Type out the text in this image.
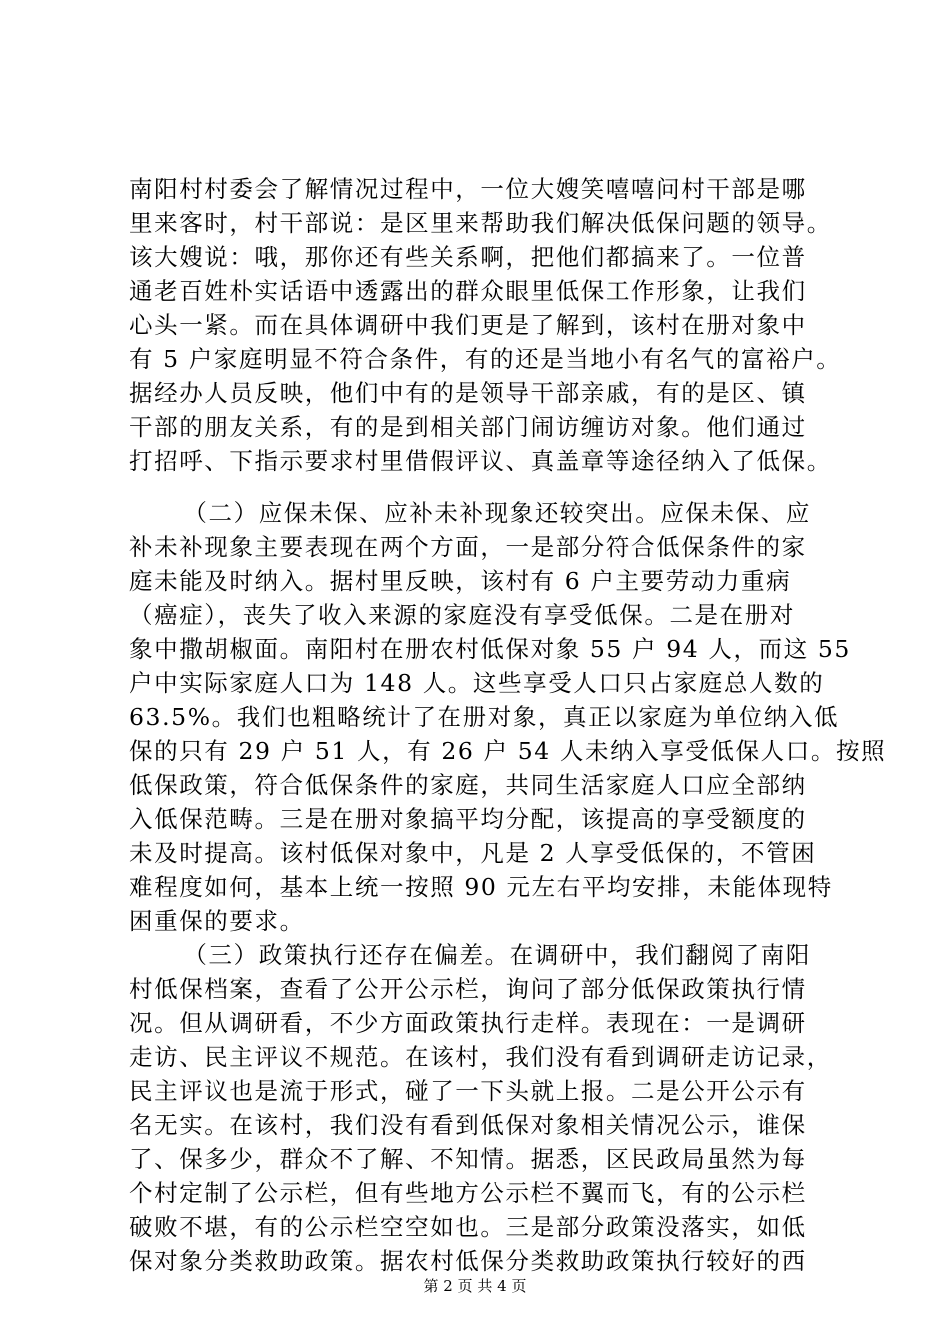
南阳村村委会了解情况过程中，一位大嫂笑嘻嘻问村干部是哪
里来客时，村干部说：是区里来帮助我们解决低保问题的领导。
该大嫂说：哦，那你还有些关系啊，把他们都搞来了。一位普
通老百姓朴实话语中透露出的群众眼里低保工作形象，让我们
心头一紧。而在具体调研中我们更是了解到，该村在册对象中
有 5 户家庭明显不符合条件，有的还是当地小有名气的富裕户。
据经办人员反映，他们中有的是领导干部亲戚，有的是区、镇
干部的朋友关系，有的是到相关部门闹访缠访对象。他们通过
打招呼、下指示要求村里借假评议、真盖章等途径纳入了低保。
（二）应保未保、应补未补现象还较突出。应保未保、应
补未补现象主要表现在两个方面，一是部分符合低保条件的家
庭未能及时纳入。据村里反映，该村有 6 户主要劳动力重病
（癌症），丧失了收入来源的家庭没有享受低保。二是在册对
象中撒胡椒面。南阳村在册农村低保对象 55 户 94 人，而这 55
户中实际家庭人口为 148 人。这些享受人口只占家庭总人数的
63.5%。我们也粗略统计了在册对象，真正以家庭为单位纳入低
保的只有 29 户 51 人，有 26 户 54 人未纳入享受低保人口。按照
低保政策，符合低保条件的家庭，共同生活家庭人口应全部纳
入低保范畴。三是在册对象搞平均分配，该提高的享受额度的
未及时提高。该村低保对象中，凡是 2 人享受低保的，不管困
难程度如何，基本上统一按照 90 元左右平均安排，未能体现特
困重保的要求。
（三）政策执行还存在偏差。在调研中，我们翻阅了南阳
村低保档案，查看了公开公示栏，询问了部分低保政策执行情
况。但从调研看，不少方面政策执行走样。表现在：一是调研
走访、民主评议不规范。在该村，我们没有看到调研走访记录，
民主评议也是流于形式，碰了一下头就上报。二是公开公示有
名无实。在该村，我们没有看到低保对象相关情况公示，谁保
了、保多少，群众不了解、不知情。据悉，区民政局虽然为每
个村定制了公示栏，但有些地方公示栏不翼而飞，有的公示栏
破败不堪，有的公示栏空空如也。三是部分政策没落实，如低
保对象分类救助政策。据农村低保分类救助政策执行较好的西
第 2 页 共 4 页
